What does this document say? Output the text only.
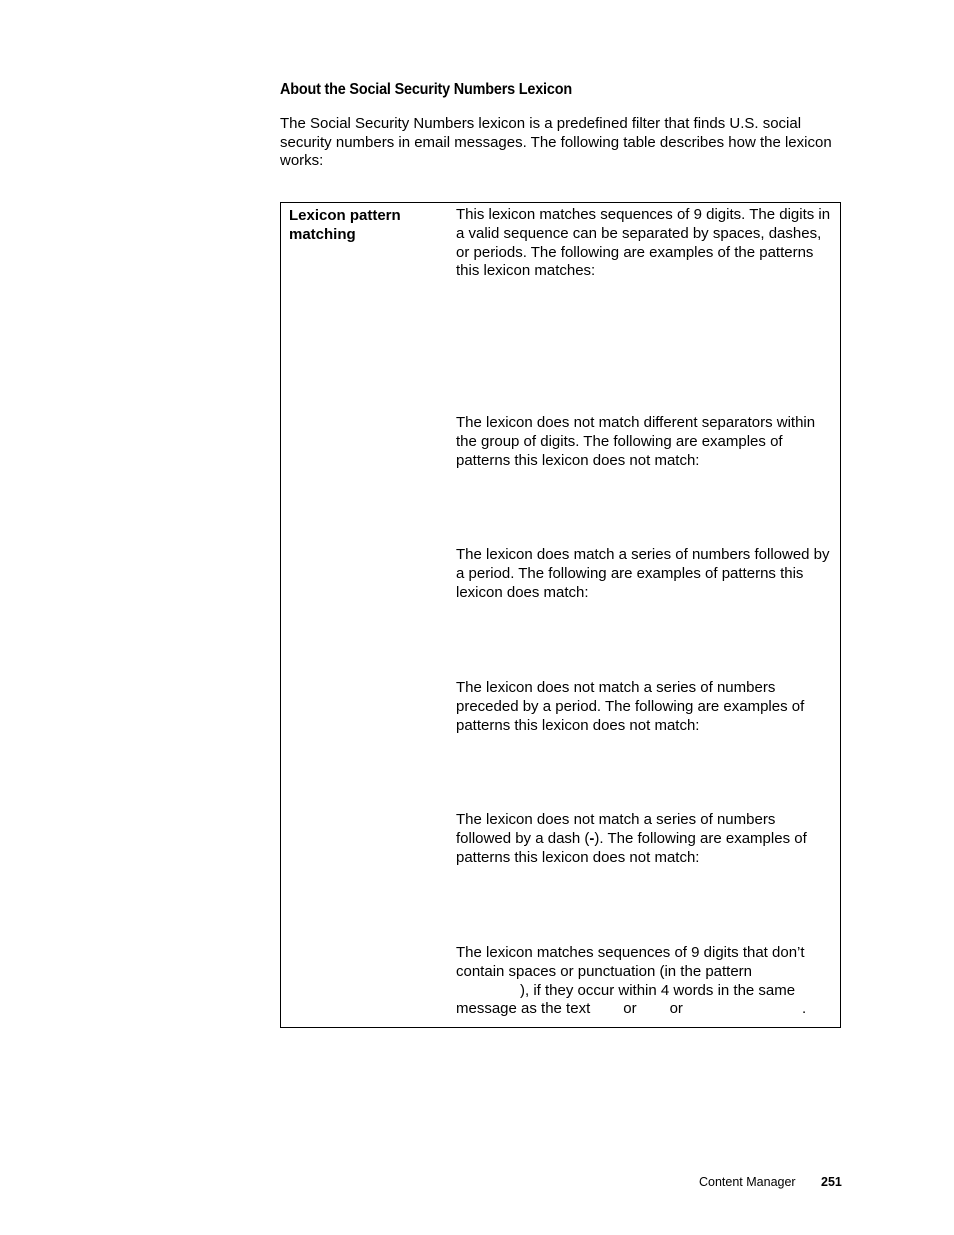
About the Social Security Numbers Lexicon

The Social Security Numbers lexicon is a predefined filter that finds U.S. social security numbers in email messages. The following table describes how the lexicon works:

Lexicon pattern matching

This lexicon matches sequences of 9 digits. The digits in a valid sequence can be separated by spaces, dashes, or periods. The following are examples of the patterns this lexicon matches:

The lexicon does not match different separators within the group of digits. The following are examples of patterns this lexicon does not match:

The lexicon does match a series of numbers followed by a period. The following are examples of patterns this lexicon does match:

The lexicon does not match a series of numbers preceded by a period. The following are examples of patterns this lexicon does not match:

The lexicon does not match a series of numbers followed by a dash (-). The following are examples of patterns this lexicon does not match:

The lexicon matches sequences of 9 digits that don’t contain spaces or punctuation (in the pattern
), if they occur within 4 words in the same message as the text or or	.

Content Manager 251
